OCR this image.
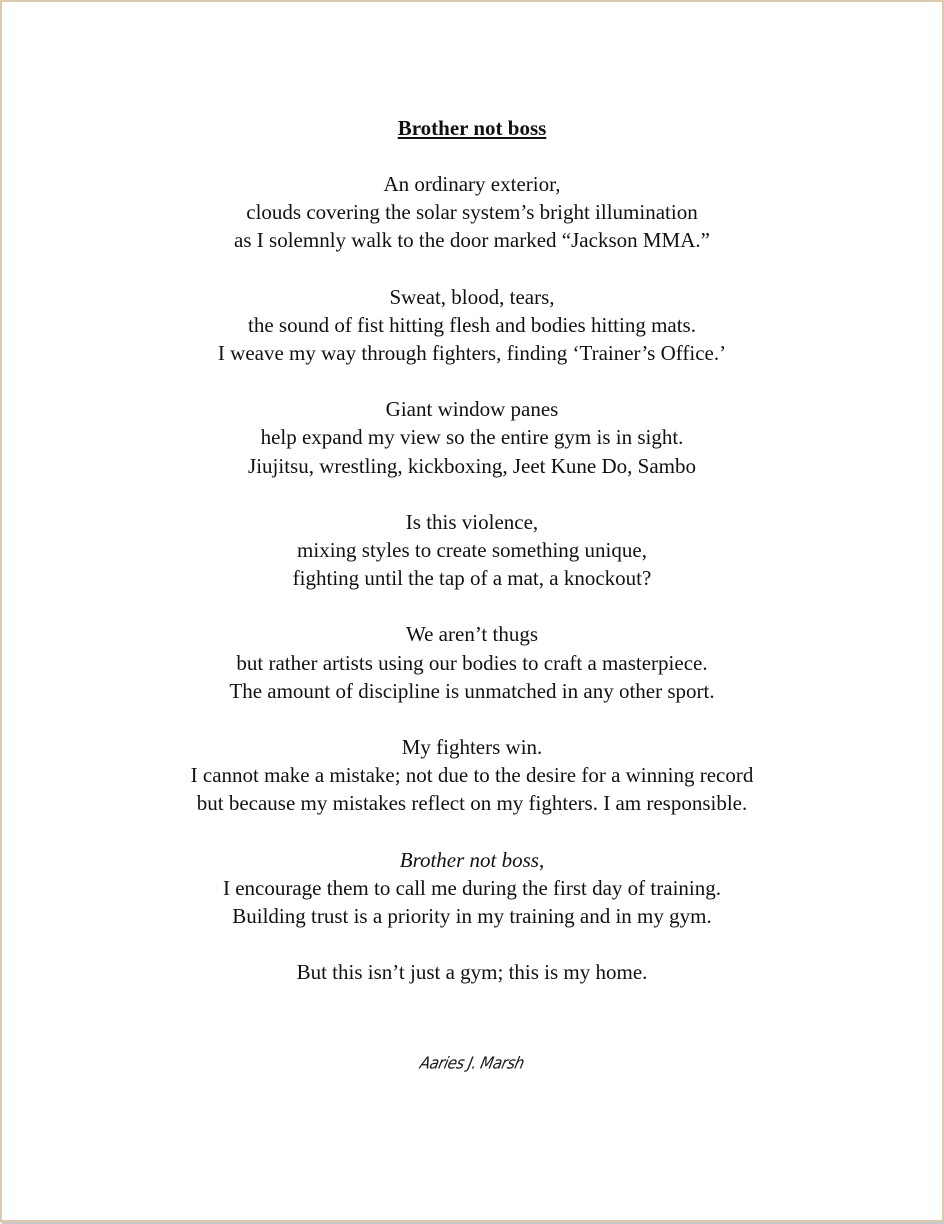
Brother not boss
An ordinary exterior,
clouds covering the solar system’s bright illumination
as I solemnly walk to the door marked “Jackson MMA.”
Sweat, blood, tears,
the sound of fist hitting flesh and bodies hitting mats.
I weave my way through fighters, finding ‘Trainer’s Office.’
Giant window panes
help expand my view so the entire gym is in sight.
Jiujitsu, wrestling, kickboxing, Jeet Kune Do, Sambo
Is this violence,
mixing styles to create something unique,
fighting until the tap of a mat, a knockout?
We aren’t thugs
but rather artists using our bodies to craft a masterpiece.
The amount of discipline is unmatched in any other sport.
My fighters win.
I cannot make a mistake; not due to the desire for a winning record
but because my mistakes reflect on my fighters. I am responsible.
Brother not boss,
I encourage them to call me during the first day of training.
Building trust is a priority in my training and in my gym.
But this isn’t just a gym; this is my home.
Aaries J. Marsh
